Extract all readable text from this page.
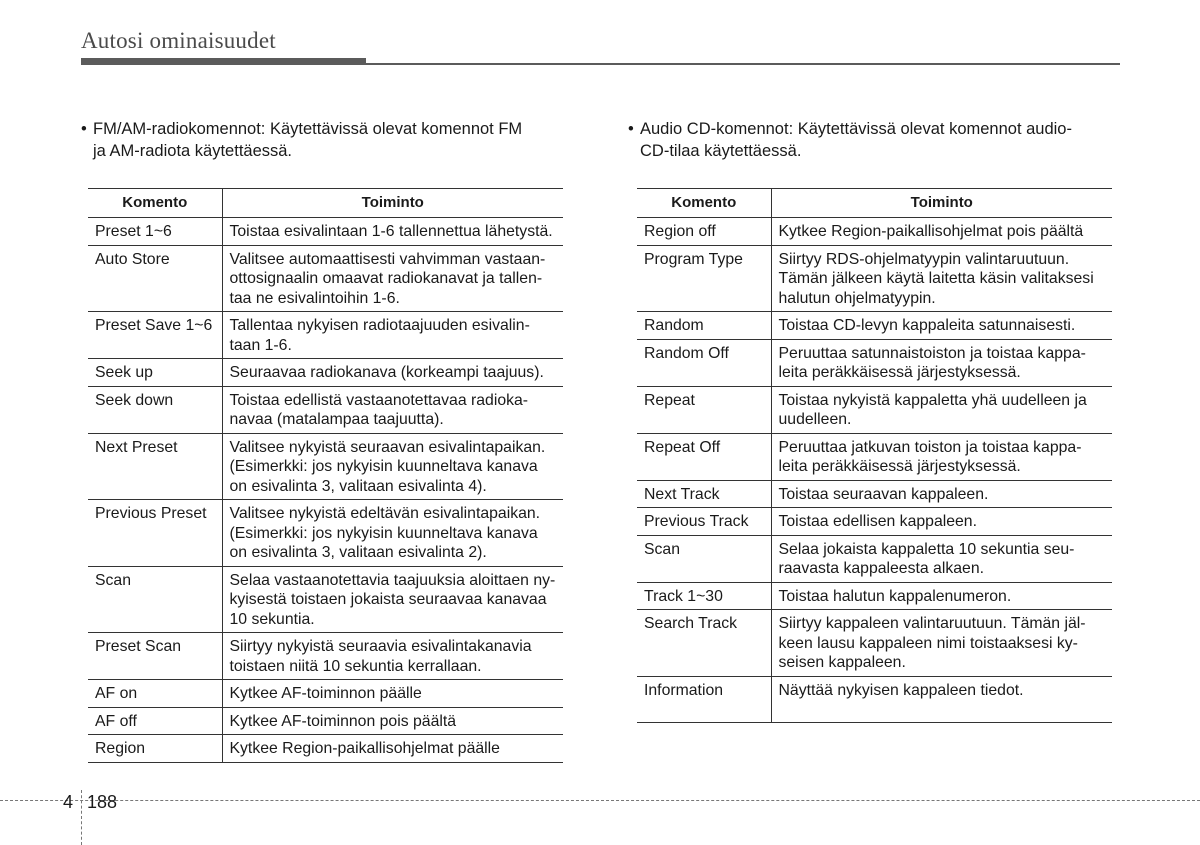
Autosi ominaisuudet
• FM/AM-radiokomennot: Käytettävissä olevat komennot FM
ja AM-radiota käytettäessä.
Komento	Toiminto
Preset 1~6	Toistaa esivalintaan 1-6 tallennettua lähetystä.
Auto Store	Valitsee automaattisesti vahvimman vastaan-ottosignaalin omaavat radiokanavat ja tallen-taa ne esivalintoihin 1-6.
Preset Save 1~6	Tallentaa nykyisen radiotaajuuden esivalin-taan 1-6.
Seek up	Seuraavaa radiokanava (korkeampi taajuus).
Seek down	Toistaa edellistä vastaanotettavaa radioka-navaa (matalampaa taajuutta).
Next Preset	Valitsee nykyistä seuraavan esivalintapaikan. (Esimerkki: jos nykyisin kuunneltava kanava on esivalinta 3, valitaan esivalinta 4).
Previous Preset	Valitsee nykyistä edeltävän esivalintapaikan. (Esimerkki: jos nykyisin kuunneltava kanava on esivalinta 3, valitaan esivalinta 2).
Scan	Selaa vastaanotettavia taajuuksia aloittaen ny-kyisestä toistaen jokaista seuraavaa kanavaa 10 sekuntia.
Preset Scan	Siirtyy nykyistä seuraavia esivalintakanavia toistaen niitä 10 sekuntia kerrallaan.
AF on	Kytkee AF-toiminnon päälle
AF off	Kytkee AF-toiminnon pois päältä
Region	Kytkee Region-paikallisohjelmat päälle
• Audio CD-komennot: Käytettävissä olevat komennot audio-
CD-tilaa käytettäessä.
Komento	Toiminto
Region off	Kytkee Region-paikallisohjelmat pois päältä
Program Type	Siirtyy RDS-ohjelmatyypin valintaruutuun. Tämän jälkeen käytä laitetta käsin valitaksesi halutun ohjelmatyypin.
Random	Toistaa CD-levyn kappaleita satunnaisesti.
Random Off	Peruuttaa satunnaistoiston ja toistaa kappa-leita peräkkäisessä järjestyksessä.
Repeat	Toistaa nykyistä kappaletta yhä uudelleen ja uudelleen.
Repeat Off	Peruuttaa jatkuvan toiston ja toistaa kappa-leita peräkkäisessä järjestyksessä.
Next Track	Toistaa seuraavan kappaleen.
Previous Track	Toistaa edellisen kappaleen.
Scan	Selaa jokaista kappaletta 10 sekuntia seu-raavasta kappaleesta alkaen.
Track 1~30	Toistaa halutun kappalenumeron.
Search Track	Siirtyy kappaleen valintaruutuun. Tämän jäl-keen lausu kappaleen nimi toistaaksesi ky-seisen kappaleen.
Information	Näyttää nykyisen kappaleen tiedot.
4 188
